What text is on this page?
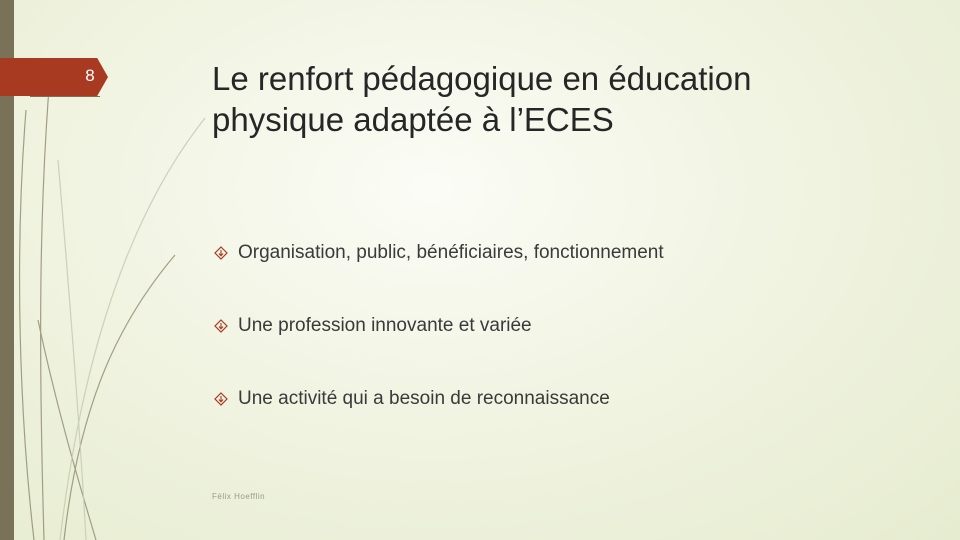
8	Le renfort pédagogique en éducation
physique adaptée à l’ECES
Organisation, public, bénéficiaires, fonctionnement
Une profession innovante et variée
Une activité qui a besoin de reconnaissance
Félix Hoefflin
